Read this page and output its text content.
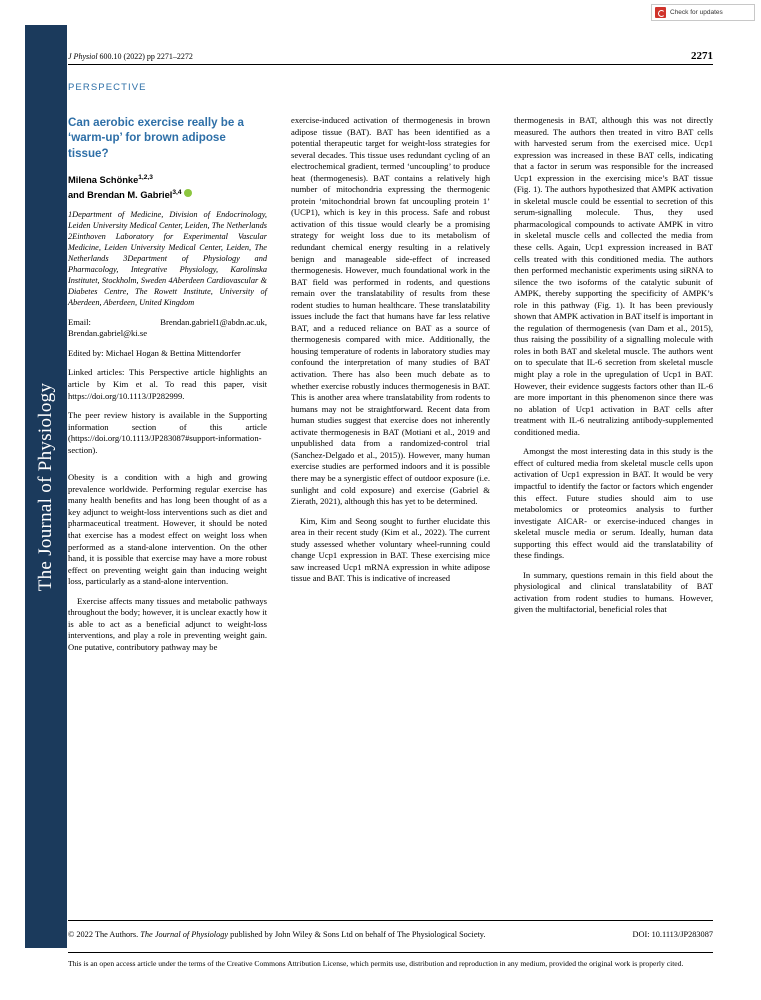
Check for updates
The Journal of Physiology
J Physiol 600.10 (2022) pp 2271–2272	2271
PERSPECTIVE
Can aerobic exercise really be a ‘warm-up’ for brown adipose tissue?
Milena Schönke$^{1,2,3}$
and Brendan M. Gabriel$^{3,4}$
1Department of Medicine, Division of Endocrinology, Leiden University Medical Center, Leiden, The Netherlands 2Einthoven Laboratory for Experimental Vascular Medicine, Leiden University Medical Center, Leiden, The Netherlands 3Department of Physiology and Pharmacology, Integrative Physiology, Karolinska Institutet, Stockholm, Sweden 4Aberdeen Cardiovascular & Diabetes Centre, The Rowett Institute, University of Aberdeen, Aberdeen, United Kingdom
Email:	Brendan.gabriel1@abdn.ac.uk, Brendan.gabriel@ki.se
Edited by: Michael Hogan & Bettina Mittendorfer
Linked articles: This Perspective article highlights an article by Kim et al. To read this paper, visit https://doi.org/10.1113/JP282999.
The peer review history is available in the Supporting information section of this article (https://doi.org/10.1113/JP283087#support-information-section).

Obesity is a condition with a high and growing prevalence worldwide. Performing regular exercise has many health benefits and has long been thought of as a key adjunct to weight-loss interventions such as diet and pharmaceutical treatment. However, it should be noted that exercise has a modest effect on weight loss when performed as a stand-alone intervention. On the other hand, it is possible that exercise may have a more robust effect on preventing weight gain than inducing weight loss, particularly as a stand-alone intervention.

Exercise affects many tissues and metabolic pathways throughout the body; however, it is unclear exactly how it is able to act as a beneficial adjunct to weight-loss interventions, and play a role in preventing weight gain. One putative, contributory pathway may be

exercise-induced activation of thermogenesis in brown adipose tissue (BAT). BAT has been identified as a potential therapeutic target for weight-loss strategies for several decades. This tissue uses redundant cycling of an electrochemical gradient, termed ‘uncoupling’ to produce heat (thermogenesis). BAT contains a relatively high number of mitochondria expressing the thermogenic protein ‘mitochondrial brown fat uncoupling protein 1’ (UCP1), which is key in this process. Safe and robust activation of this tissue would clearly be a promising strategy for weight loss due to its metabolism of redundant chemical energy resulting in a relatively benign and manageable side-effect of increased thermogenesis. However, much foundational work in the BAT field was performed in rodents, and questions remain over the translatability of results from these rodent studies to human healthcare. These translatability issues include the fact that humans have far less relative BAT, and a reduced reliance on BAT as a source of thermogenesis compared with mice. Additionally, the housing temperature of rodents in laboratory studies may confound the interpretation of many studies of BAT activation. There has also been much debate as to whether exercise robustly induces thermogenesis in BAT. This is another area where translatability from rodents to humans may not be straightforward. Recent data from human studies suggest that exercise does not inherently activate thermogenesis in BAT (Motiani et al., 2019 and unpublished data from a randomized-control trial (Sanchez-Delgado et al., 2015)). However, many human exercise studies are performed indoors and it is possible there may be a synergistic effect of outdoor exposure (i.e. sunlight and cold exposure) and exercise (Gabriel & Zierath, 2021), although this has yet to be determined.

Kim, Kim and Seong sought to further elucidate this area in their recent study (Kim et al., 2022). The current study assessed whether voluntary wheel-running could change Ucp1 expression in BAT. These exercising mice saw increased Ucp1 mRNA expression in white adipose tissue and BAT. This is indicative of increased

thermogenesis in BAT, although this was not directly measured. The authors then treated in vitro BAT cells with harvested serum from the exercised mice. Ucp1 expression was increased in these BAT cells, indicating that a factor in serum was responsible for the increased Ucp1 expression in the exercising mice’s BAT tissue (Fig. 1). The authors hypothesized that AMPK activation in skeletal muscle could be essential to secretion of this serum-signalling molecule. Thus, they used pharmacological compounds to activate AMPK in vitro in skeletal muscle cells and collected the media from these cells. Again, Ucp1 expression increased in BAT cells treated with this conditioned media. The authors then performed mechanistic experiments using siRNA to silence the two isoforms of the catalytic subunit of AMPK, thereby supporting the specificity of AMPK’s role in this pathway (Fig. 1). It has been previously shown that AMPK activation in BAT itself is important in the regulation of thermogenesis (van Dam et al., 2015), thus raising the possibility of a signalling molecule with roles in both BAT and skeletal muscle. The authors went on to speculate that IL-6 secretion from skeletal muscle might play a role in the upregulation of Ucp1 in BAT. However, their evidence suggests factors other than IL-6 are more important in this phenomenon since there was no ablation of Ucp1 activation in BAT cells after treatment with IL-6 neutralizing antibody-supplemented conditioned media.

Amongst the most interesting data in this study is the effect of cultured media from skeletal muscle cells upon activation of Ucp1 expression in BAT. It would be very impactful to identify the factor or factors which engender this effect. Future studies should aim to use metabolomics or proteomics analysis to further investigate AICAR- or exercise-induced changes in skeletal muscle media or serum. Ideally, human data supporting this effect would aid the translatability of these findings.

In summary, questions remain in this field about the physiological and clinical translatability of BAT activation from rodent studies to humans. However, given the multifactorial, beneficial roles that

© 2022 The Authors. The Journal of Physiology published by John Wiley & Sons Ltd on behalf of The Physiological Society.	DOI: 10.1113/JP283087
This is an open access article under the terms of the Creative Commons Attribution License, which permits use, distribution and reproduction in any medium, provided the original work is properly cited.
